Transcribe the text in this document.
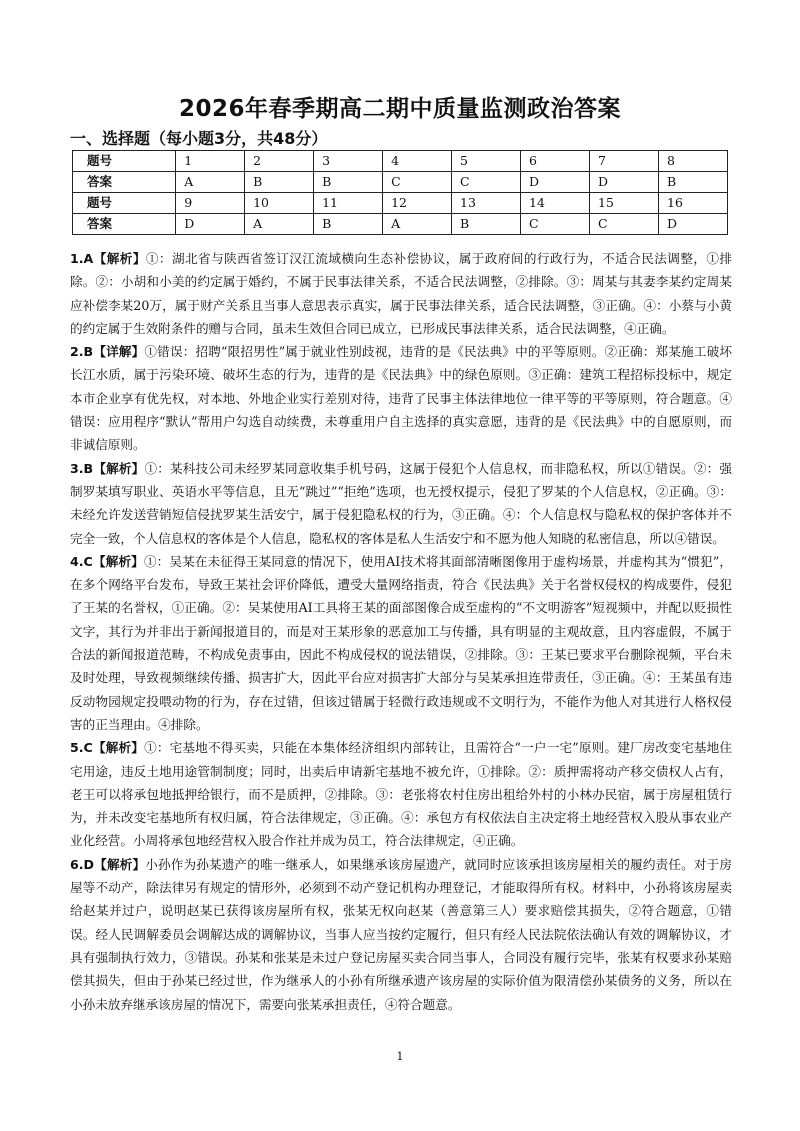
2026年春季期高二期中质量监测政治答案
一、选择题（每小题3分，共48分）
题号	1	2	3	4	5	6	7	8
答案	A	B	B	C	C	D	D	B
题号	9	10	11	12	13	14	15	16
答案	D	A	B	A	B	C	C	D

1.A【解析】①：湖北省与陕西省签订汉江流域横向生态补偿协议，属于政府间的行政行为，不适合民法调整，①排除。②：小胡和小美的约定属于婚约，不属于民事法律关系，不适合民法调整，②排除。③：周某与其妻李某约定周某应补偿李某20万，属于财产关系且当事人意思表示真实，属于民事法律关系，适合民法调整，③正确。④：小蔡与小黄的约定属于生效附条件的赠与合同，虽未生效但合同已成立，已形成民事法律关系，适合民法调整，④正确。

2.B【详解】①错误：招聘“限招男性”属于就业性别歧视，违背的是《民法典》中的平等原则。②正确：郑某施工破坏长江水质，属于污染环境、破坏生态的行为，违背的是《民法典》中的绿色原则。③正确：建筑工程招标投标中，规定本市企业享有优先权，对本地、外地企业实行差别对待，违背了民事主体法律地位一律平等的平等原则，符合题意。④错误：应用程序“默认”帮用户勾选自动续费，未尊重用户自主选择的真实意愿，违背的是《民法典》中的自愿原则，而非诚信原则。

3.B【解析】①：某科技公司未经罗某同意收集手机号码，这属于侵犯个人信息权，而非隐私权，所以①错误。②：强制罗某填写职业、英语水平等信息，且无“跳过”“拒绝”选项，也无授权提示，侵犯了罗某的个人信息权，②正确。③：未经允许发送营销短信侵扰罗某生活安宁，属于侵犯隐私权的行为，③正确。④：个人信息权与隐私权的保护客体并不完全一致，个人信息权的客体是个人信息，隐私权的客体是私人生活安宁和不愿为他人知晓的私密信息，所以④错误。

4.C【解析】①：吴某在未征得王某同意的情况下，使用AI技术将其面部清晰图像用于虚构场景，并虚构其为“惯犯”，在多个网络平台发布，导致王某社会评价降低，遭受大量网络指责，符合《民法典》关于名誉权侵权的构成要件，侵犯了王某的名誉权，①正确。②：吴某使用AI工具将王某的面部图像合成至虚构的“不文明游客”短视频中，并配以贬损性文字，其行为并非出于新闻报道目的，而是对王某形象的恶意加工与传播，具有明显的主观故意，且内容虚假，不属于合法的新闻报道范畴，不构成免责事由，因此不构成侵权的说法错误，②排除。③：王某已要求平台删除视频，平台未及时处理，导致视频继续传播、损害扩大，因此平台应对损害扩大部分与吴某承担连带责任，③正确。④：王某虽有违反动物园规定投喂动物的行为，存在过错，但该过错属于轻微行政违规或不文明行为，不能作为他人对其进行人格权侵害的正当理由。④排除。

5.C【解析】①：宅基地不得买卖，只能在本集体经济组织内部转让，且需符合“一户一宅”原则。建厂房改变宅基地住宅用途，违反土地用途管制制度；同时，出卖后申请新宅基地不被允许，①排除。②：质押需将动产移交债权人占有，老王可以将承包地抵押给银行，而不是质押，②排除。③：老张将农村住房出租给外村的小林办民宿，属于房屋租赁行为，并未改变宅基地所有权归属，符合法律规定，③正确。④：承包方有权依法自主决定将土地经营权入股从事农业产业化经营。小周将承包地经营权入股合作社并成为员工，符合法律规定，④正确。

6.D【解析】小孙作为孙某遗产的唯一继承人，如果继承该房屋遗产，就同时应该承担该房屋相关的履约责任。对于房屋等不动产，除法律另有规定的情形外，必须到不动产登记机构办理登记，才能取得所有权。材料中，小孙将该房屋卖给赵某并过户，说明赵某已获得该房屋所有权，张某无权向赵某（善意第三人）要求赔偿其损失，②符合题意，①错误。经人民调解委员会调解达成的调解协议，当事人应当按约定履行，但只有经人民法院依法确认有效的调解协议，才具有强制执行效力，③错误。孙某和张某是未过户登记房屋买卖合同当事人，合同没有履行完毕，张某有权要求孙某赔偿其损失，但由于孙某已经过世，作为继承人的小孙有所继承遗产该房屋的实际价值为限清偿孙某债务的义务，所以在小孙未放弃继承该房屋的情况下，需要向张某承担责任，④符合题意。

1
